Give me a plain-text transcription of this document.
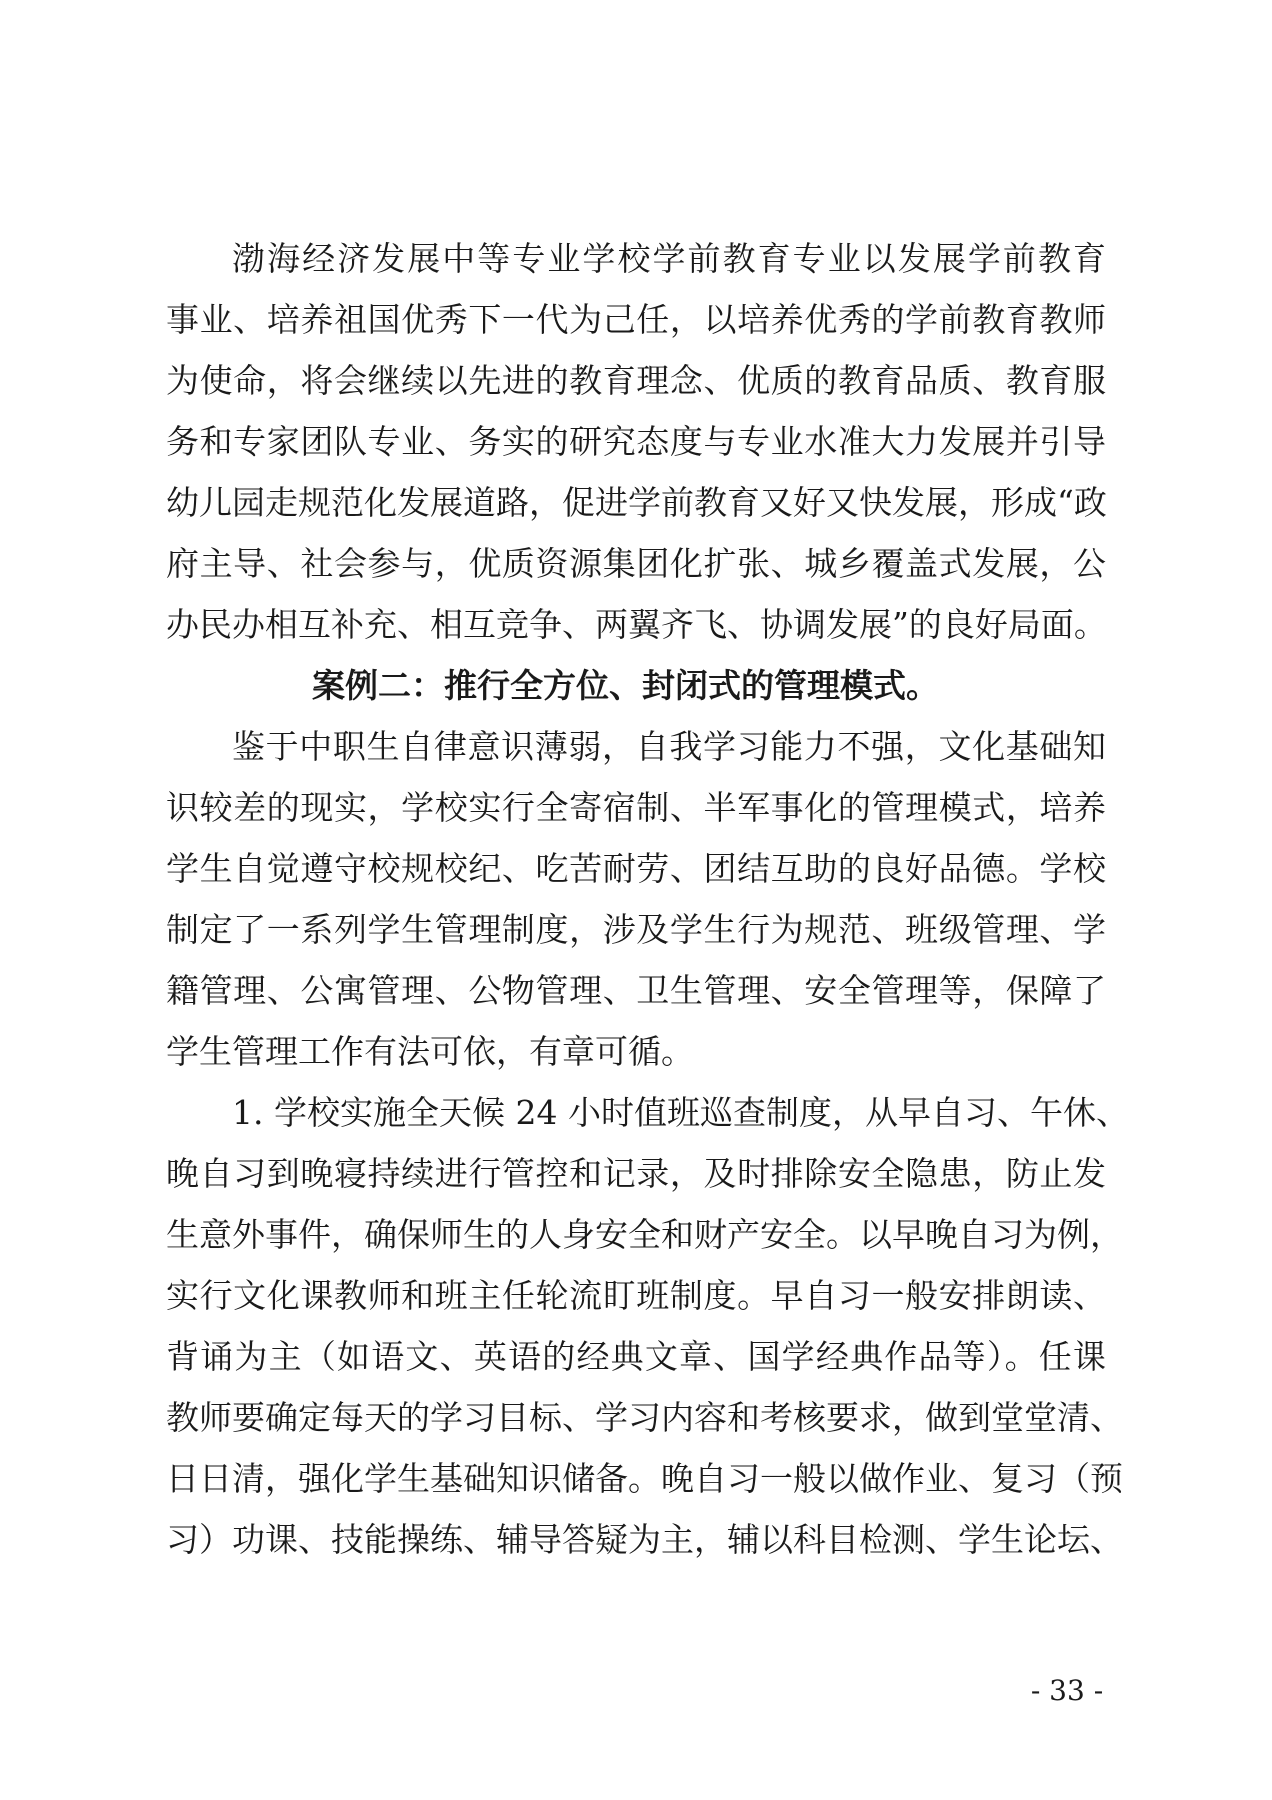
渤海经济发展中等专业学校学前教育专业以发展学前教育
事业、培养祖国优秀下一代为己任，以培养优秀的学前教育教师
为使命，将会继续以先进的教育理念、优质的教育品质、教育服
务和专家团队专业、务实的研究态度与专业水准大力发展并引导
幼儿园走规范化发展道路，促进学前教育又好又快发展，形成“政
府主导、社会参与，优质资源集团化扩张、城乡覆盖式发展，公
办民办相互补充、相互竞争、两翼齐飞、协调发展”的良好局面。
案例二：推行全方位、封闭式的管理模式。
鉴于中职生自律意识薄弱，自我学习能力不强，文化基础知
识较差的现实，学校实行全寄宿制、半军事化的管理模式，培养
学生自觉遵守校规校纪、吃苦耐劳、团结互助的良好品德。学校
制定了一系列学生管理制度，涉及学生行为规范、班级管理、学
籍管理、公寓管理、公物管理、卫生管理、安全管理等，保障了
学生管理工作有法可依，有章可循。
1. 学校实施全天候 24 小时值班巡查制度，从早自习、午休、
晚自习到晚寝持续进行管控和记录，及时排除安全隐患，防止发
生意外事件，确保师生的人身安全和财产安全。以早晚自习为例，
实行文化课教师和班主任轮流盯班制度。早自习一般安排朗读、
背诵为主（如语文、英语的经典文章、国学经典作品等）。任课
教师要确定每天的学习目标、学习内容和考核要求，做到堂堂清、
日日清，强化学生基础知识储备。晚自习一般以做作业、复习（预
习）功课、技能操练、辅导答疑为主，辅以科目检测、学生论坛、
- 33 -
